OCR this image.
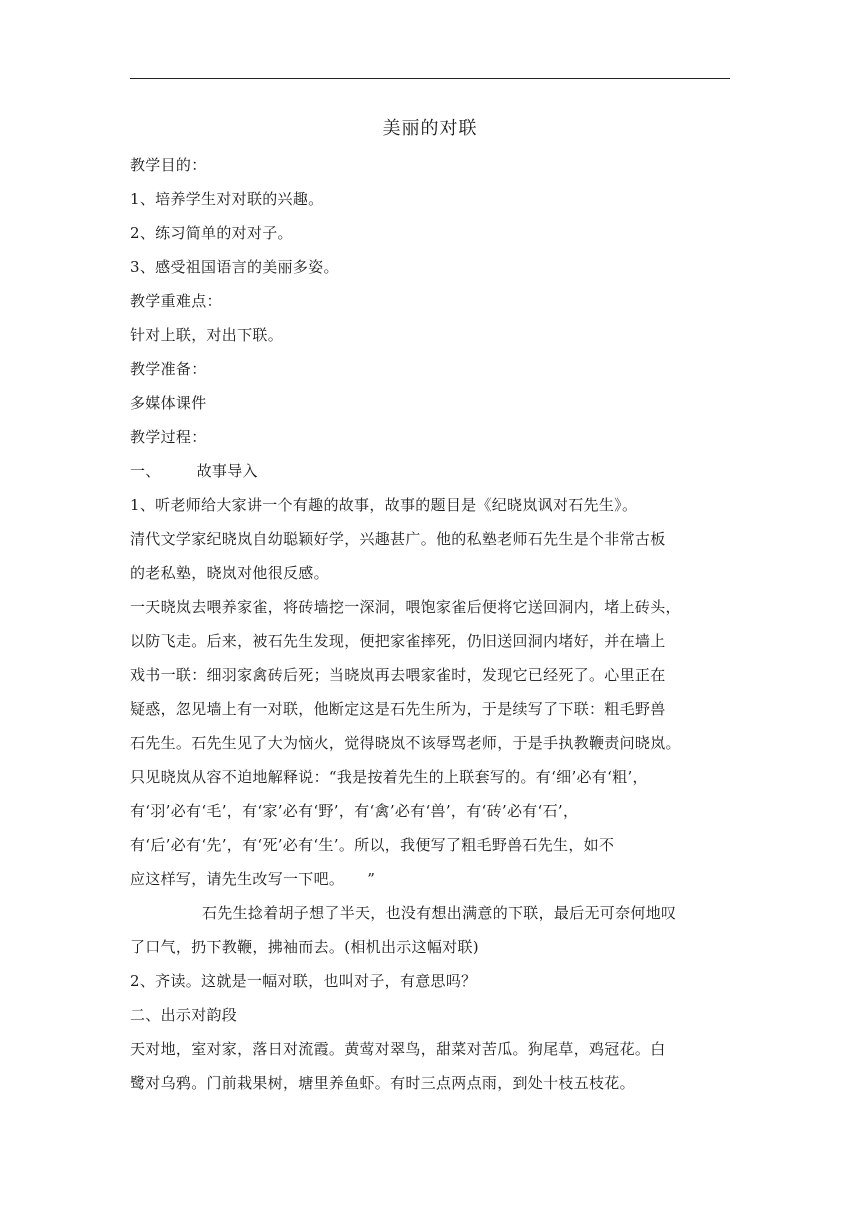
美丽的对联

教学目的：

1、培养学生对对联的兴趣。

2、练习简单的对对子。

3、感受祖国语言的美丽多姿。

教学重难点：

针对上联，对出下联。

教学准备：

多媒体课件

教学过程：

一、 故事导入

1、听老师给大家讲一个有趣的故事，故事的题目是《纪晓岚讽对石先生》。

清代文学家纪晓岚自幼聪颖好学，兴趣甚广。他的私塾老师石先生是个非常古板

的老私塾，晓岚对他很反感。

一天晓岚去喂养家雀，将砖墙挖一深洞，喂饱家雀后便将它送回洞内，堵上砖头，

以防飞走。后来，被石先生发现，便把家雀摔死，仍旧送回洞内堵好，并在墙上

戏书一联：细羽家禽砖后死；当晓岚再去喂家雀时，发现它已经死了。心里正在

疑惑，忽见墙上有一对联，他断定这是石先生所为，于是续写了下联：粗毛野兽

石先生。石先生见了大为恼火，觉得晓岚不该辱骂老师，于是手执教鞭责问晓岚。

只见晓岚从容不迫地解释说：“我是按着先生的上联套写的。有‘细’必有‘粗’，

有‘羽’必有‘毛’，有‘家’必有‘野’，有‘禽’必有‘兽’，有‘砖’必有‘石’，

有‘后’必有‘先’，有‘死’必有‘生’。所以，我便写了粗毛野兽石先生，如不

应这样写，请先生改写一下吧。　　”

石先生捻着胡子想了半天，也没有想出满意的下联，最后无可奈何地叹

了口气，扔下教鞭，拂袖而去。(相机出示这幅对联)

2、齐读。这就是一幅对联，也叫对子，有意思吗？

二、出示对韵段

天对地，室对家，落日对流霞。黄莺对翠鸟，甜菜对苦瓜。狗尾草，鸡冠花。白

鹭对乌鸦。门前栽果树，塘里养鱼虾。有时三点两点雨，到处十枝五枝花。
